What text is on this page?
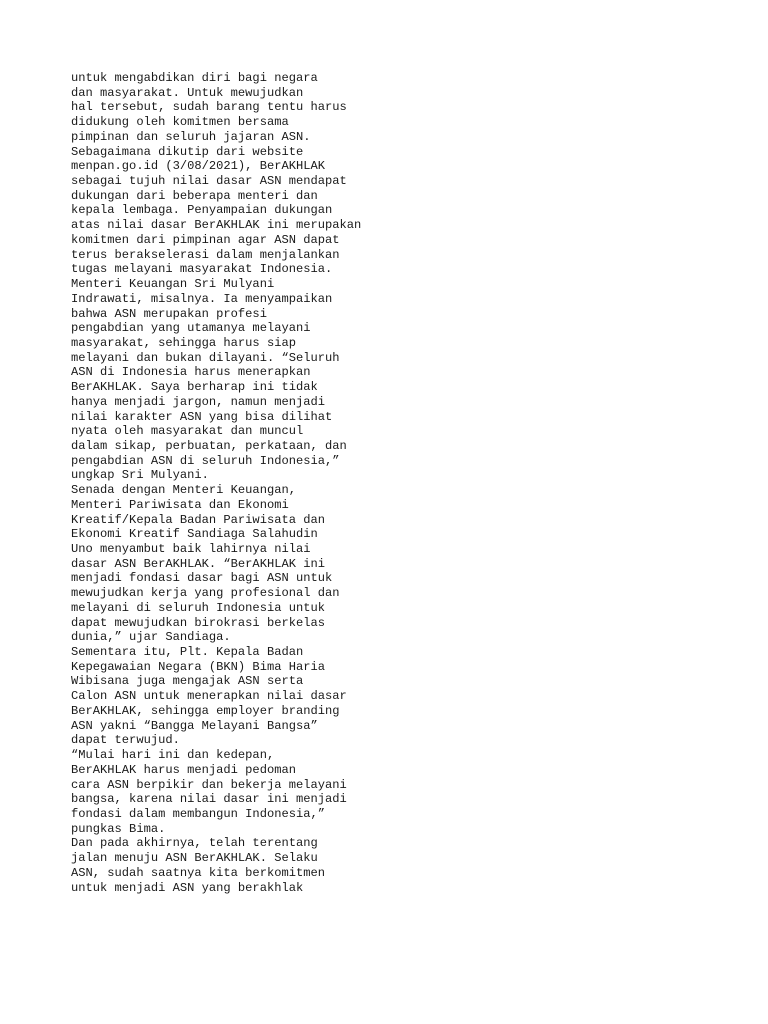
untuk mengabdikan diri bagi negara
dan masyarakat. Untuk mewujudkan
hal tersebut, sudah barang tentu harus
didukung oleh komitmen bersama
pimpinan dan seluruh jajaran ASN.
Sebagaimana dikutip dari website
menpan.go.id (3/08/2021), BerAKHLAK
sebagai tujuh nilai dasar ASN mendapat
dukungan dari beberapa menteri dan
kepala lembaga. Penyampaian dukungan
atas nilai dasar BerAKHLAK ini merupakan
komitmen dari pimpinan agar ASN dapat
terus berakselerasi dalam menjalankan
tugas melayani masyarakat Indonesia.
Menteri Keuangan Sri Mulyani
Indrawati, misalnya. Ia menyampaikan
bahwa ASN merupakan profesi
pengabdian yang utamanya melayani
masyarakat, sehingga harus siap
melayani dan bukan dilayani. “Seluruh
ASN di Indonesia harus menerapkan
BerAKHLAK. Saya berharap ini tidak
hanya menjadi jargon, namun menjadi
nilai karakter ASN yang bisa dilihat
nyata oleh masyarakat dan muncul
dalam sikap, perbuatan, perkataan, dan
pengabdian ASN di seluruh Indonesia,”
ungkap Sri Mulyani.
Senada dengan Menteri Keuangan,
Menteri Pariwisata dan Ekonomi
Kreatif/Kepala Badan Pariwisata dan
Ekonomi Kreatif Sandiaga Salahudin
Uno menyambut baik lahirnya nilai
dasar ASN BerAKHLAK. “BerAKHLAK ini
menjadi fondasi dasar bagi ASN untuk
mewujudkan kerja yang profesional dan
melayani di seluruh Indonesia untuk
dapat mewujudkan birokrasi berkelas
dunia,” ujar Sandiaga.
Sementara itu, Plt. Kepala Badan
Kepegawaian Negara (BKN) Bima Haria
Wibisana juga mengajak ASN serta
Calon ASN untuk menerapkan nilai dasar
BerAKHLAK, sehingga employer branding
ASN yakni “Bangga Melayani Bangsa”
dapat terwujud.
“Mulai hari ini dan kedepan,
BerAKHLAK harus menjadi pedoman
cara ASN berpikir dan bekerja melayani
bangsa, karena nilai dasar ini menjadi
fondasi dalam membangun Indonesia,”
pungkas Bima.
Dan pada akhirnya, telah terentang
jalan menuju ASN BerAKHLAK. Selaku
ASN, sudah saatnya kita berkomitmen
untuk menjadi ASN yang berakhlak
